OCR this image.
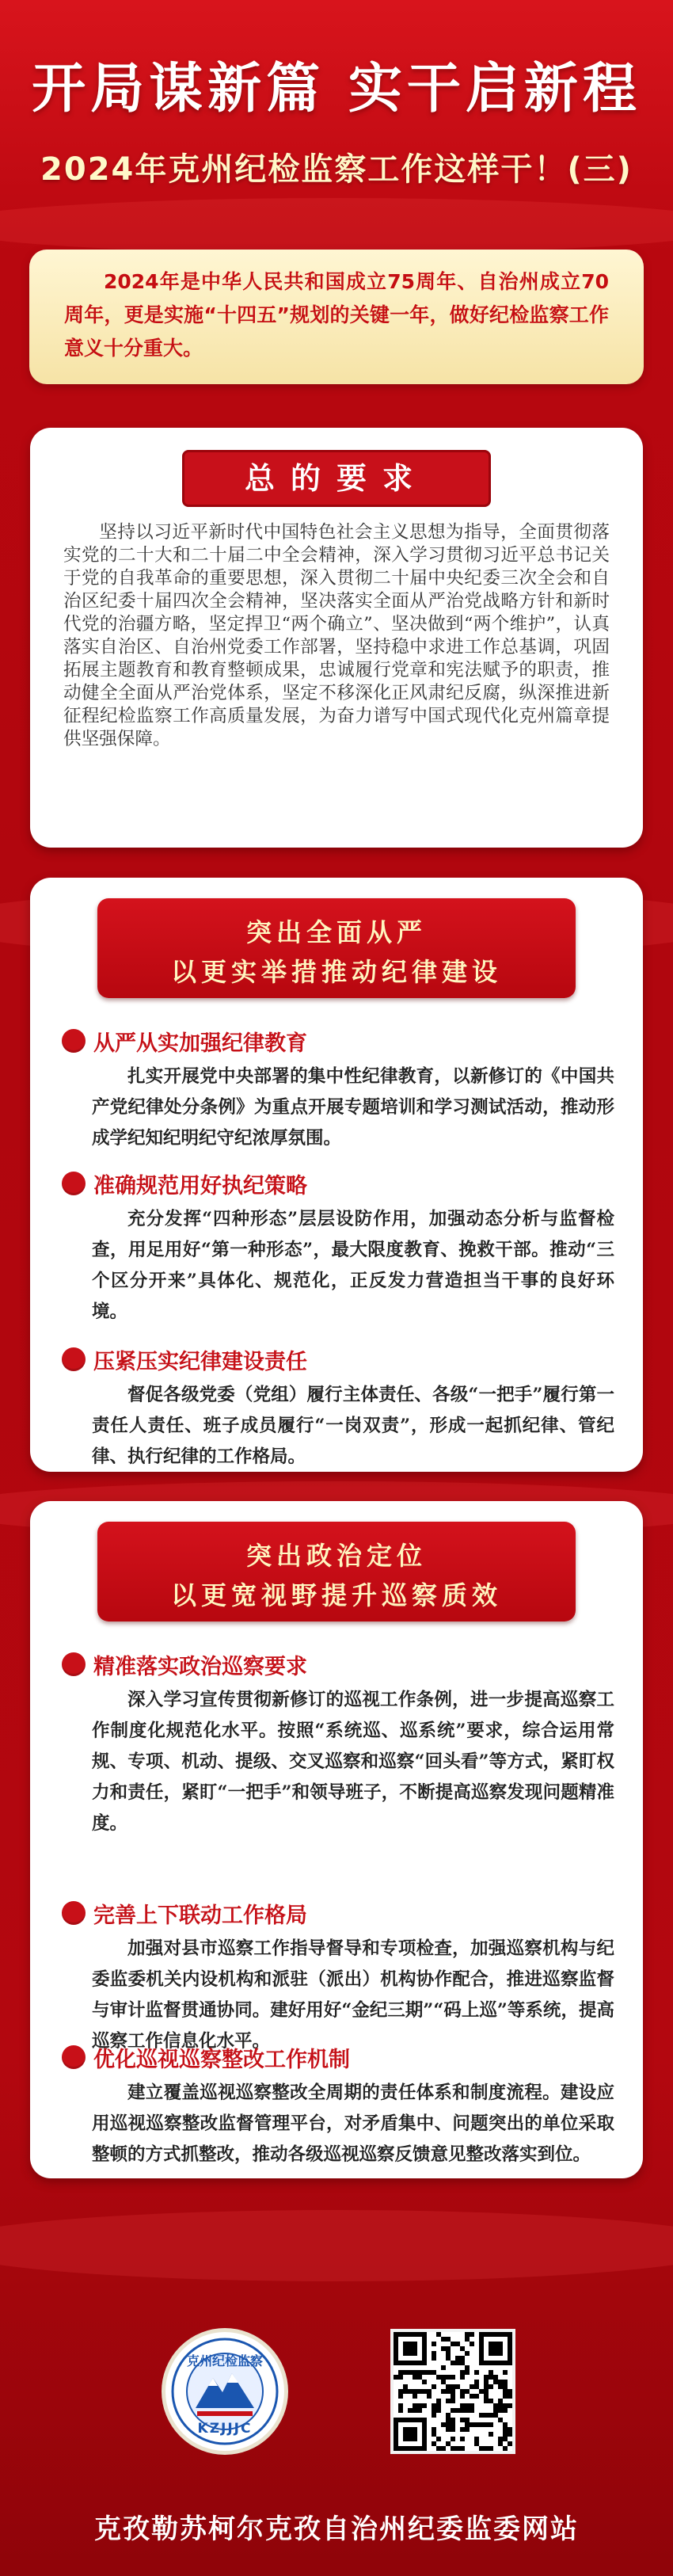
开局谋新篇 实干启新程
2024年克州纪检监察工作这样干！(三)

2024年是中华人民共和国成立75周年、自治州成立70周年，更是实施“十四五”规划的关键一年，做好纪检监察工作意义十分重大。

总的要求

坚持以习近平新时代中国特色社会主义思想为指导，全面贯彻落实党的二十大和二十届二中全会精神，深入学习贯彻习近平总书记关于党的自我革命的重要思想，深入贯彻二十届中央纪委三次全会和自治区纪委十届四次全会精神，坚决落实全面从严治党战略方针和新时代党的治疆方略，坚定捍卫“两个确立”、坚决做到“两个维护”，认真落实自治区、自治州党委工作部署，坚持稳中求进工作总基调，巩固拓展主题教育和教育整顿成果，忠诚履行党章和宪法赋予的职责，推动健全全面从严治党体系，坚定不移深化正风肃纪反腐，纵深推进新征程纪检监察工作高质量发展，为奋力谱写中国式现代化克州篇章提供坚强保障。

突出全面从严
以更实举措推动纪律建设
从严从实加强纪律教育

扎实开展党中央部署的集中性纪律教育，以新修订的《中国共产党纪律处分条例》为重点开展专题培训和学习测试活动，推动形成学纪知纪明纪守纪浓厚氛围。

准确规范用好执纪策略

充分发挥“四种形态”层层设防作用，加强动态分析与监督检查，用足用好“第一种形态”，最大限度教育、挽救干部。推动“三个区分开来”具体化、规范化，正反发力营造担当干事的良好环境。

压紧压实纪律建设责任

督促各级党委（党组）履行主体责任、各级“一把手”履行第一责任人责任、班子成员履行“一岗双责”，形成一起抓纪律、管纪律、执行纪律的工作格局。

突出政治定位
以更宽视野提升巡察质效
精准落实政治巡察要求

深入学习宣传贯彻新修订的巡视工作条例，进一步提高巡察工作制度化规范化水平。按照“系统巡、巡系统”要求，综合运用常规、专项、机动、提级、交叉巡察和巡察“回头看”等方式，紧盯权力和责任，紧盯“一把手”和领导班子，不断提高巡察发现问题精准度。

完善上下联动工作格局

加强对县市巡察工作指导督导和专项检查，加强巡察机构与纪委监委机关内设机构和派驻（派出）机构协作配合，推进巡察监督与审计监督贯通协同。建好用好“金纪三期”“码上巡”等系统，提高巡察工作信息化水平。

优化巡视巡察整改工作机制

建立覆盖巡视巡察整改全周期的责任体系和制度流程。建设应用巡视巡察整改监督管理平台，对矛盾集中、问题突出的单位采取整顿的方式抓整改，推动各级巡视巡察反馈意见整改落实到位。

克州纪检监察
KZJJJC
克孜勒苏柯尔克孜自治州纪委监委网站
